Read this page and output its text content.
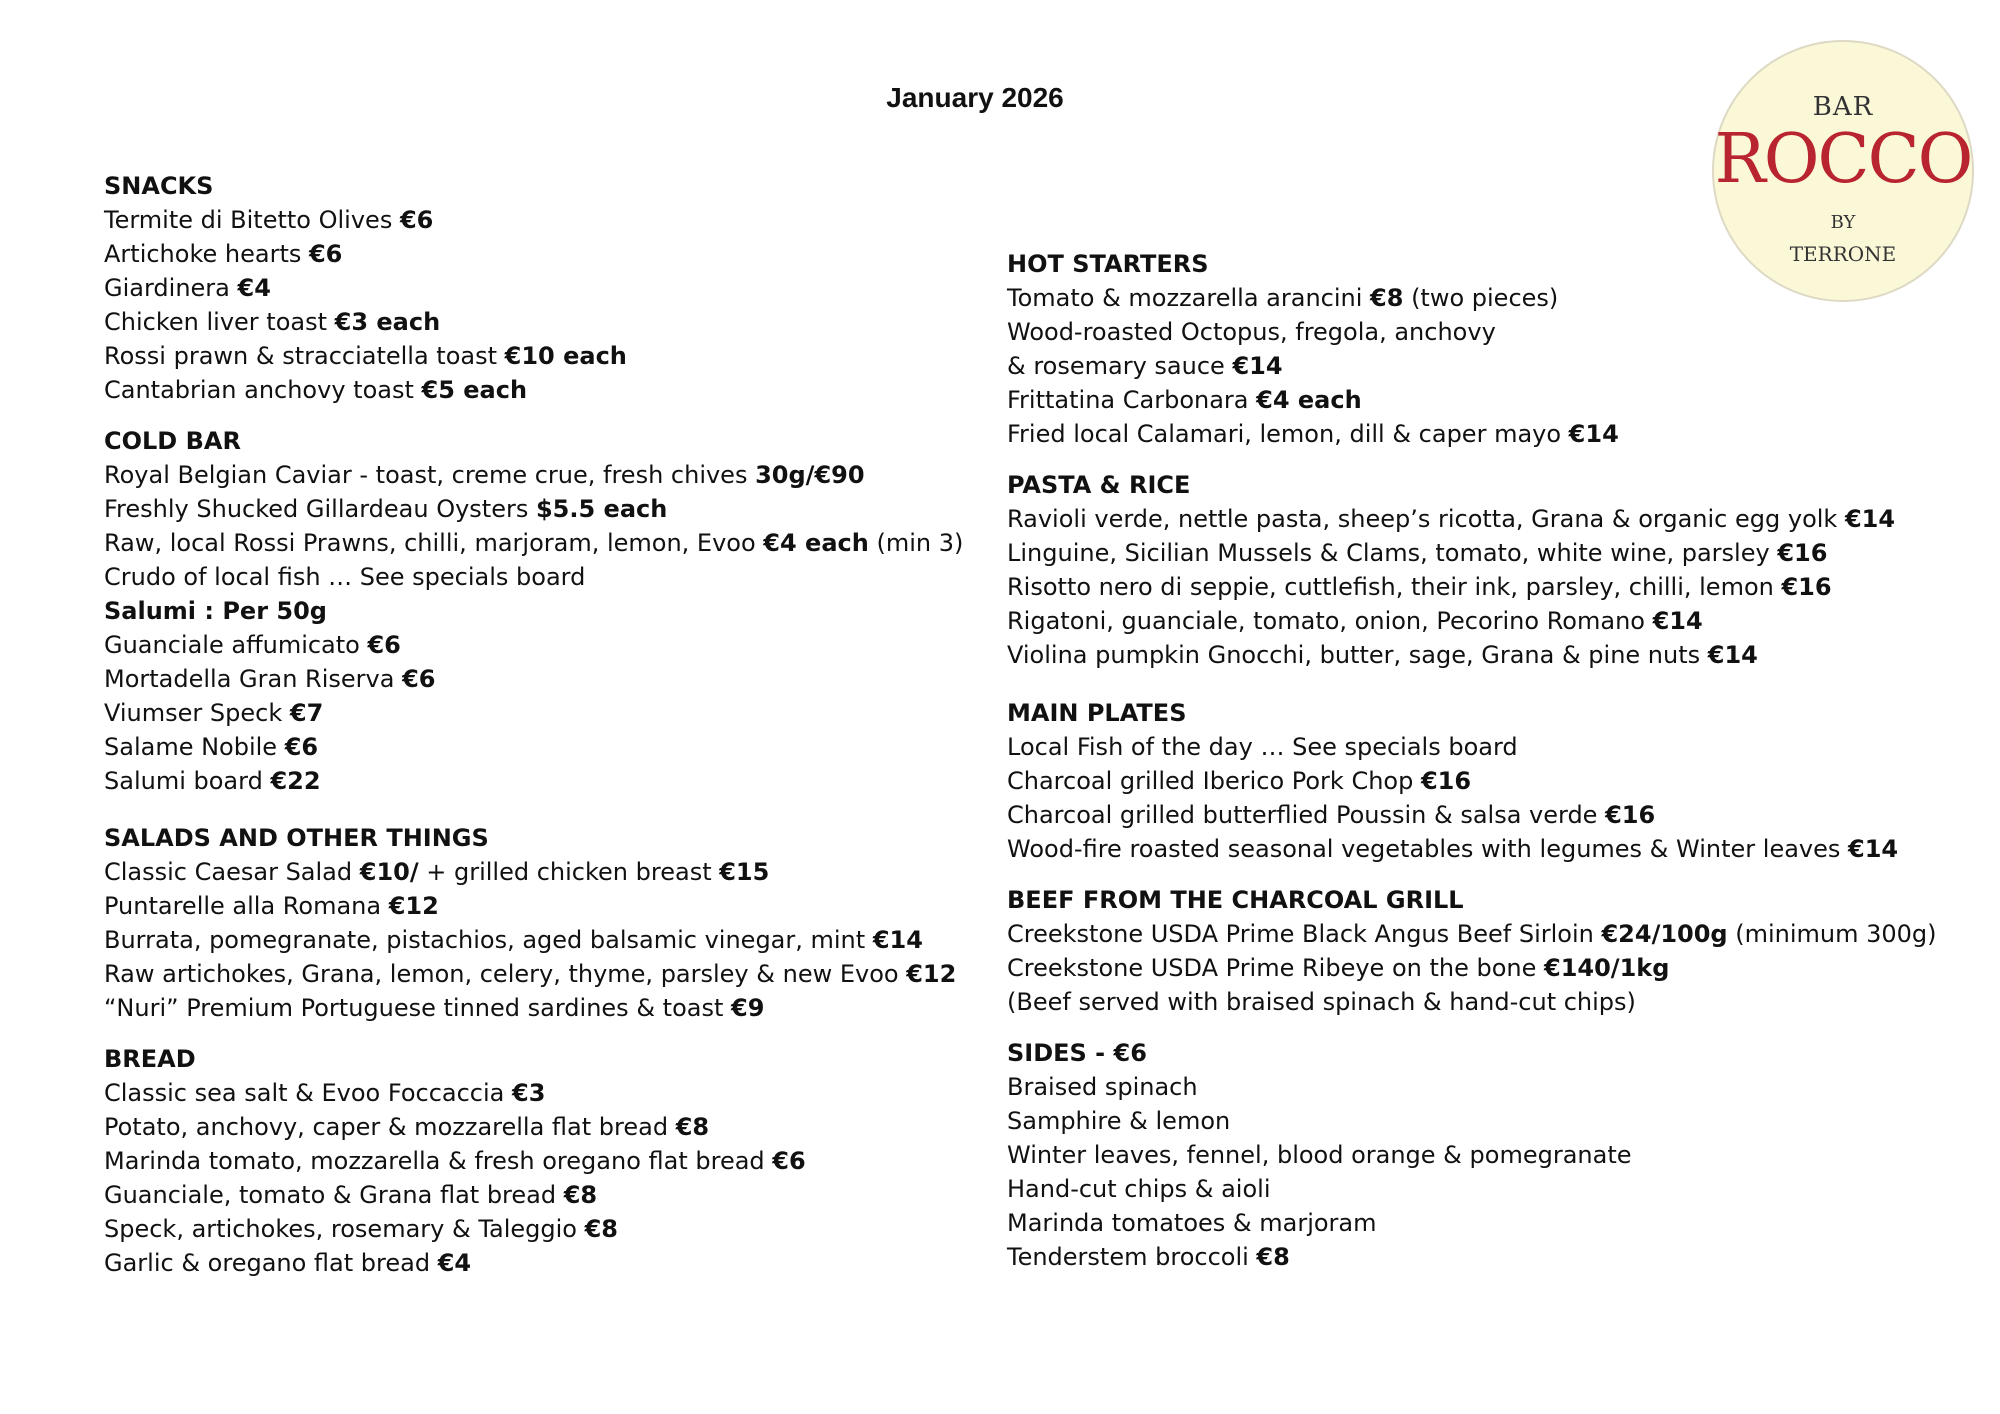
January 2026	BAR
ROCCO
BY
TERRONE
SNACKS
Termite di Bitetto Olives €6
Artichoke hearts €6
Giardinera €4
Chicken liver toast €3 each
Rossi prawn & stracciatella toast €10 each
Cantabrian anchovy toast €5 each
COLD BAR
Royal Belgian Caviar - toast, creme crue, fresh chives 30g/€90
Freshly Shucked Gillardeau Oysters $5.5 each
Raw, local Rossi Prawns, chilli, marjoram, lemon, Evoo €4 each (min 3)
Crudo of local fish … See specials board
Salumi : Per 50g
Guanciale affumicato €6
Mortadella Gran Riserva €6
Viumser Speck €7
Salame Nobile €6
Salumi board €22
SALADS AND OTHER THINGS
Classic Caesar Salad €10/ + grilled chicken breast €15
Puntarelle alla Romana €12
Burrata, pomegranate, pistachios, aged balsamic vinegar, mint €14
Raw artichokes, Grana, lemon, celery, thyme, parsley & new Evoo €12
“Nuri” Premium Portuguese tinned sardines & toast €9
BREAD
Classic sea salt & Evoo Foccaccia €3
Potato, anchovy, caper & mozzarella flat bread €8
Marinda tomato, mozzarella & fresh oregano flat bread €6
Guanciale, tomato & Grana flat bread €8
Speck, artichokes, rosemary & Taleggio €8
Garlic & oregano flat bread €4
HOT STARTERS
Tomato & mozzarella arancini €8 (two pieces)
Wood-roasted Octopus, fregola, anchovy
& rosemary sauce €14
Frittatina Carbonara €4 each
Fried local Calamari, lemon, dill & caper mayo €14
PASTA & RICE
Ravioli verde, nettle pasta, sheep’s ricotta, Grana & organic egg yolk €14
Linguine, Sicilian Mussels & Clams, tomato, white wine, parsley €16
Risotto nero di seppie, cuttlefish, their ink, parsley, chilli, lemon €16
Rigatoni, guanciale, tomato, onion, Pecorino Romano €14
Violina pumpkin Gnocchi, butter, sage, Grana & pine nuts €14
MAIN PLATES
Local Fish of the day … See specials board
Charcoal grilled Iberico Pork Chop €16
Charcoal grilled butterflied Poussin & salsa verde €16
Wood-fire roasted seasonal vegetables with legumes & Winter leaves €14
BEEF FROM THE CHARCOAL GRILL
Creekstone USDA Prime Black Angus Beef Sirloin €24/100g (minimum 300g)
Creekstone USDA Prime Ribeye on the bone €140/1kg
(Beef served with braised spinach & hand-cut chips)
SIDES - €6
Braised spinach
Samphire & lemon
Winter leaves, fennel, blood orange & pomegranate
Hand-cut chips & aioli
Marinda tomatoes & marjoram
Tenderstem broccoli €8
